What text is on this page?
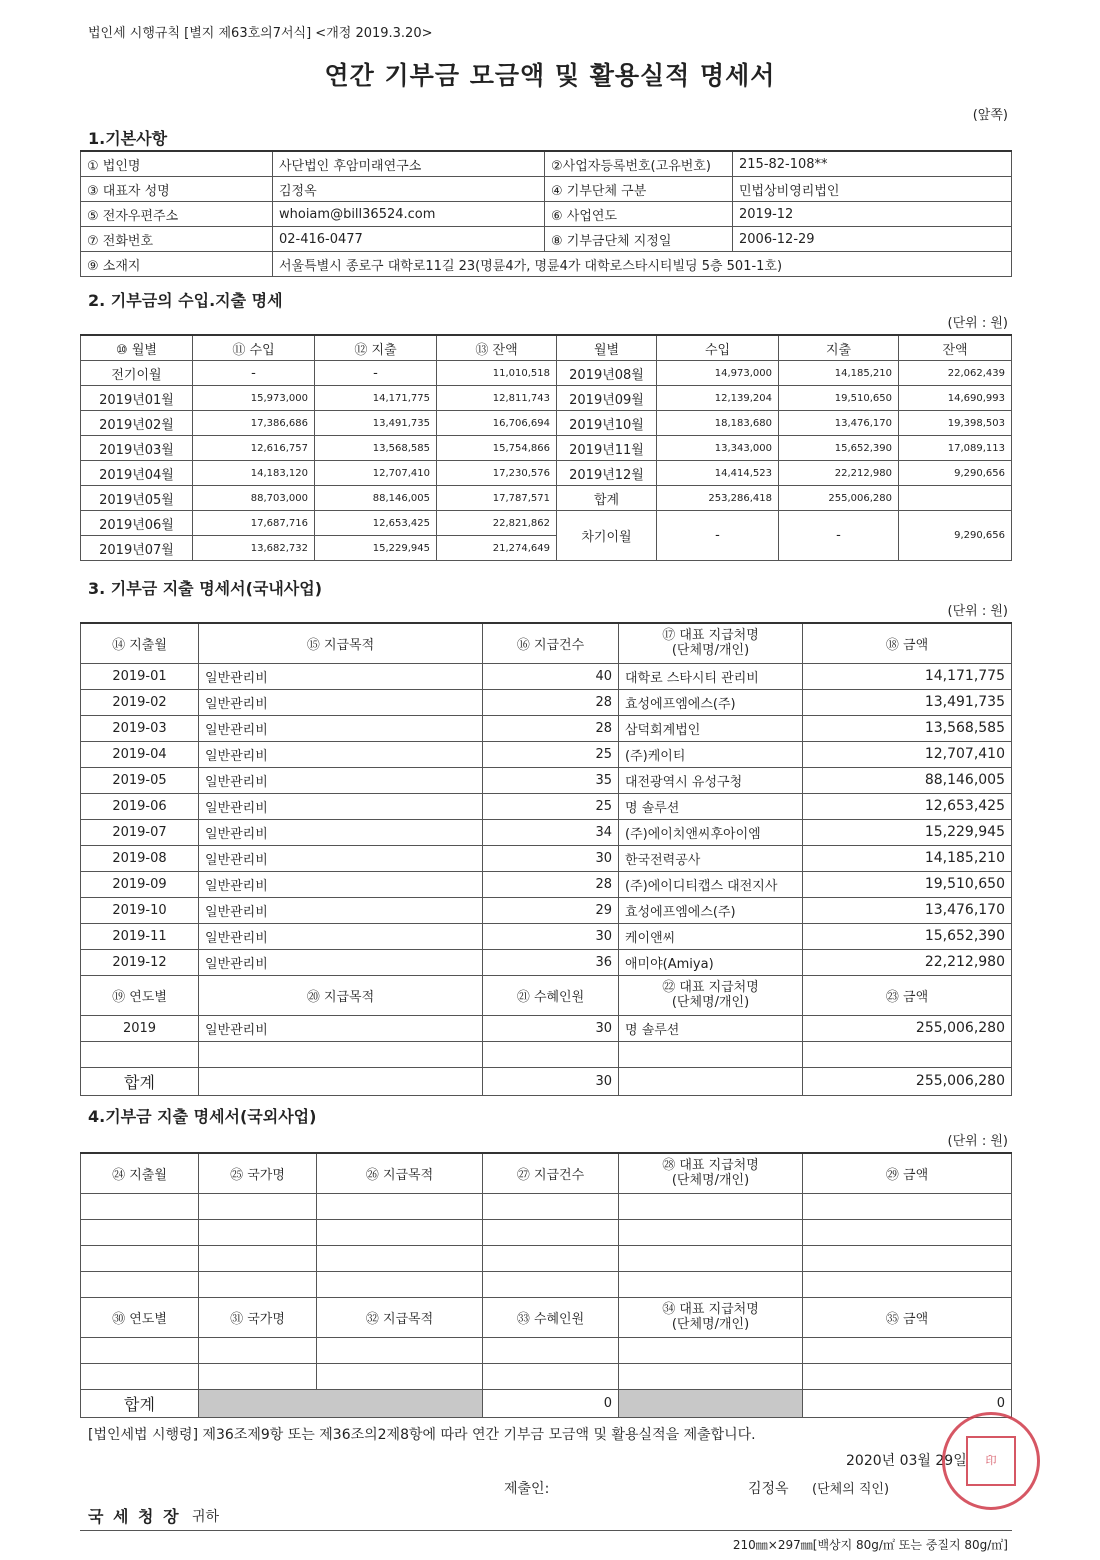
법인세 시행규칙 [별지 제63호의7서식] <개정 2019.3.20>
연간 기부금 모금액 및 활용실적 명세서
(앞쪽)
1.기본사항
① 법인명	사단법인 후암미래연구소	②사업자등록번호(고유번호)	215-82-108**
③ 대표자 성명	김정옥	④ 기부단체 구분	민법상비영리법인
⑤ 전자우편주소	whoiam@bill36524.com	⑥ 사업연도	2019-12
⑦ 전화번호	02-416-0477	⑧ 기부금단체 지정일	2006-12-29
⑨ 소재지	서울특별시 종로구 대학로11길 23(명륜4가, 명륜4가 대학로스타시티빌딩 5층 501-1호)		
2. 기부금의 수입.지출 명세
(단위 : 원)
⑩ 월별	⑪ 수입	⑫ 지출	⑬ 잔액	월별	수입	지출	잔액
전기이월	-	-	11,010,518	2019년08월	14,973,000	14,185,210	22,062,439
2019년01월	15,973,000	14,171,775	12,811,743	2019년09월	12,139,204	19,510,650	14,690,993
2019년02월	17,386,686	13,491,735	16,706,694	2019년10월	18,183,680	13,476,170	19,398,503
2019년03월	12,616,757	13,568,585	15,754,866	2019년11월	13,343,000	15,652,390	17,089,113
2019년04월	14,183,120	12,707,410	17,230,576	2019년12월	14,414,523	22,212,980	9,290,656
2019년05월	88,703,000	88,146,005	17,787,571	합계	253,286,418	255,006,280	
2019년06월	17,687,716	12,653,425	22,821,862	차기이월	-	-	9,290,656
2019년07월	13,682,732	15,229,945	21,274,649				
3. 기부금 지출 명세서(국내사업)
(단위 : 원)
⑭ 지출월	⑮ 지급목적	⑯ 지급건수	⑰ 대표 지급처명
(단체명/개인)	⑱ 금액
2019-01	일반관리비	40	대학로 스타시티 관리비	14,171,775
2019-02	일반관리비	28	효성에프엠에스(주)	13,491,735
2019-03	일반관리비	28	삼덕회계법인	13,568,585
2019-04	일반관리비	25	(주)케이티	12,707,410
2019-05	일반관리비	35	대전광역시 유성구청	88,146,005
2019-06	일반관리비	25	명 솔루션	12,653,425
2019-07	일반관리비	34	(주)에이치앤씨후아이엠	15,229,945
2019-08	일반관리비	30	한국전력공사	14,185,210
2019-09	일반관리비	28	(주)에이디티캡스 대전지사	19,510,650
2019-10	일반관리비	29	효성에프엠에스(주)	13,476,170
2019-11	일반관리비	30	케이앤씨	15,652,390
2019-12	일반관리비	36	애미야(Amiya)	22,212,980
⑲ 연도별	⑳ 지급목적	㉑ 수혜인원	㉒ 대표 지급처명
(단체명/개인)	㉓ 금액
2019	일반관리비	30	명 솔루션	255,006,280

합계		30		255,006,280
4.기부금 지출 명세서(국외사업)
(단위 : 원)
㉔ 지출월	㉕ 국가명	㉖ 지급목적	㉗ 지급건수	㉘ 대표 지급처명
(단체명/개인)	㉙ 금액

㉚ 연도별	㉛ 국가명	㉜ 지급목적	㉝ 수혜인원	㉞ 대표 지급처명
(단체명/개인)	㉟ 금액

합계			0		0
[법인세법 시행령] 제36조제9항 또는 제36조의2제8항에 따라 연간 기부금 모금액 및 활용실적을 제출합니다.
2020년 03월 29일
제출인:	김정옥 (단체의 직인)
국 세 청 장 귀하
210㎜×297㎜[백상지 80g/㎡ 또는 중질지 80g/㎡]
印
